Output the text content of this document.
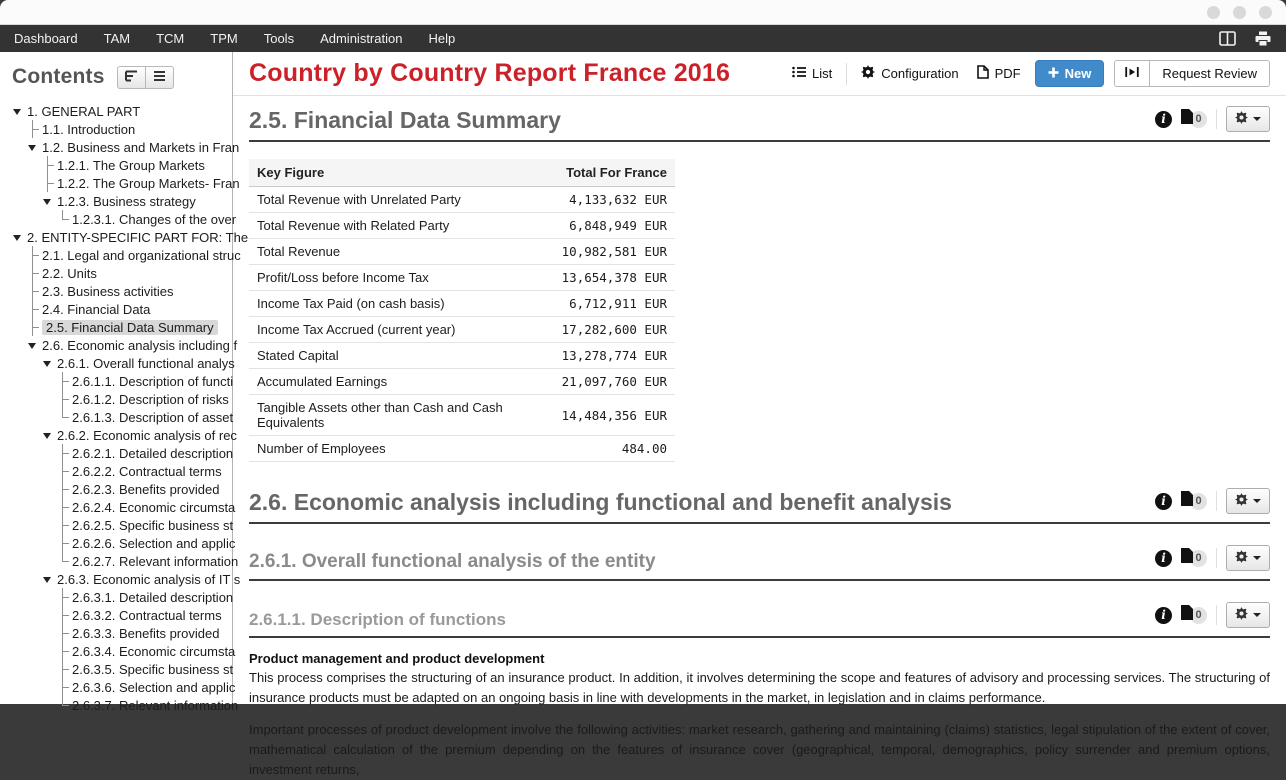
Dashboard	TAM	TCM	TPM	Tools	Administration	Help
Contents
1. GENERAL PART
1.1. Introduction
1.2. Business and Markets in Fran
1.2.1. The Group Markets
1.2.2. The Group Markets- Fran
1.2.3. Business strategy
1.2.3.1. Changes of the over
2. ENTITY-SPECIFIC PART FOR: The
2.1. Legal and organizational struc
2.2. Units
2.3. Business activities
2.4. Financial Data
2.5. Financial Data Summary
2.6. Economic analysis including f
2.6.1. Overall functional analys
2.6.1.1. Description of functi
2.6.1.2. Description of risks
2.6.1.3. Description of asset
2.6.2. Economic analysis of rec
2.6.2.1. Detailed description
2.6.2.2. Contractual terms
2.6.2.3. Benefits provided
2.6.2.4. Economic circumsta
2.6.2.5. Specific business st
2.6.2.6. Selection and applic
2.6.2.7. Relevant information
2.6.3. Economic analysis of IT s
2.6.3.1. Detailed description
2.6.3.2. Contractual terms
2.6.3.3. Benefits provided
2.6.3.4. Economic circumsta
2.6.3.5. Specific business st
2.6.3.6. Selection and applic
2.6.3.7. Relevant information
Country by Country Report France 2016	List	Configuration	PDF	New	Request Review
2.5. Financial Data Summary	i	0
Key Figure	Total For France
Total Revenue with Unrelated Party	4,133,632 EUR
Total Revenue with Related Party	6,848,949 EUR
Total Revenue	10,982,581 EUR
Profit/Loss before Income Tax	13,654,378 EUR
Income Tax Paid (on cash basis)	6,712,911 EUR
Income Tax Accrued (current year)	17,282,600 EUR
Stated Capital	13,278,774 EUR
Accumulated Earnings	21,097,760 EUR
Tangible Assets other than Cash and Cash Equivalents	14,484,356 EUR
Number of Employees	484.00
2.6. Economic analysis including functional and benefit analysis	i	0
2.6.1. Overall functional analysis of the entity	i	0
2.6.1.1. Description of functions	i	0
Product management and product development

This process comprises the structuring of an insurance product. In addition, it involves determining the scope and features of advisory and processing services. The structuring of insurance products must be adapted on an ongoing basis in line with developments in the market, in legislation and in claims performance.

Important processes of product development involve the following activities: market research, gathering and maintaining (claims) statistics, legal stipulation of the extent of cover, mathematical calculation of the premium depending on the features of insurance cover (geographical, temporal, demographics, policy surrender and premium options, investment returns,
